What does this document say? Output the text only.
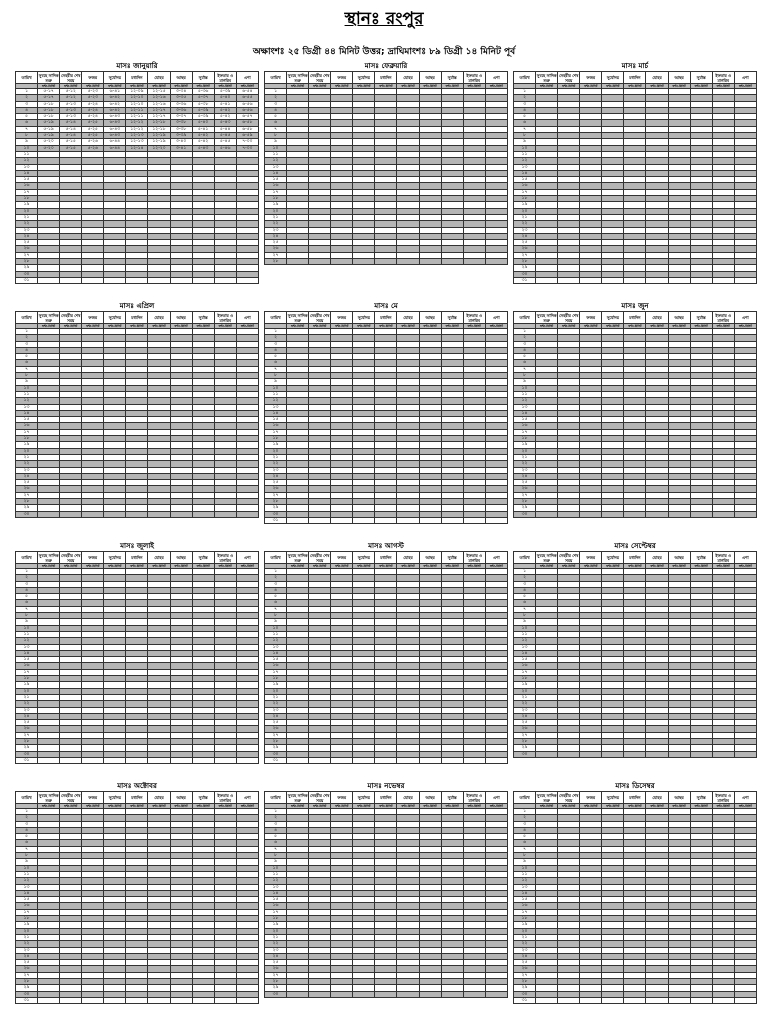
স্থানঃ রংপুর
অক্ষাংশঃ ২৫ ডিগ্রী ৪৪ মিনিট উত্তর; দ্রাঘিমাংশঃ ৮৯ ডিগ্রী ১৪ মিনিট পূর্ব
মাসঃ জানুয়ারি
তারিখ	সুবহে সাদিক শুরু	সেহরীর শেষ সময়	ফজর	সূর্যোদয়	মধ্যদিন	যোহর	আছর	সূর্যাস্ত	ইফতার ও মাগরিব	এশা
	ঘন্টা-মিনিট	ঘন্টা-মিনিট	ঘন্টা-মিনিট	ঘন্টা-মিনিট	ঘন্টা-মিনিট	ঘন্টা-মিনিট	ঘন্টা-মিনিট	ঘন্টা-মিনিট	ঘন্টা-মিনিট	ঘন্টা-মিনিট
১	৫-১৭	৫-১২	৫-২৩	৬-৪১	১২-০৯	১২-১৫	৩-৩৪	৫-৩৬	৫-৩৯	৬-৫৪
২	৫-১৭	৫-১২	৫-২৩	৬-৪২	১২-১০	১২-১৬	৩-৩৫	৫-৩৭	৫-৪০	৬-৫৫
৩	৫-১৮	৫-১৩	৫-২৪	৬-৪২	১২-১০	১২-১৬	৩-৩৬	৫-৩৮	৫-৪১	৬-৫৬
৪	৫-১৮	৫-১৩	৫-২৪	৬-৪২	১২-১১	১২-১৭	৩-৩৬	৫-৩৯	৫-৪২	৬-৫৬
৫	৫-১৮	৫-১৩	৫-২৪	৬-৪৩	১২-১১	১২-১৭	৩-৩৭	৫-৩৯	৫-৪২	৬-৫৭
৬	৫-১৯	৫-১৪	৫-২৫	৬-৪৩	১২-১২	১২-১৮	৩-৩৮	৫-৪০	৫-৪৩	৬-৫৮
৭	৫-১৯	৫-১৪	৫-২৫	৬-৪৩	১২-১২	১২-১৮	৩-৩৮	৫-৪১	৫-৪৪	৬-৫৮
৮	৫-১৯	৫-১৪	৫-২৫	৬-৪৩	১২-১৩	১২-১৯	৩-৩৯	৫-৪২	৫-৪৫	৬-৫৯
৯	৫-২০	৫-১৫	৫-২৬	৬-৪৪	১২-১৩	১২-১৯	৩-৪০	৫-৪২	৫-৪৫	৭-০০
১০	৫-২০	৫-১৫	৫-২৬	৬-৪৪	১২-১৪	১২-২০	৩-৪১	৫-৪৩	৫-৪৬	৭-০০
১১										
১২										
১৩										
১৪										
১৫										
১৬										
১৭										
১৮										
১৯										
২০										
২১										
২২										
২৩										
২৪										
২৫										
২৬										
২৭										
২৮										
২৯										
৩০										
৩১										
মাসঃ ফেব্রুয়ারি
তারিখ	সুবহে সাদিক শুরু	সেহরীর শেষ সময়	ফজর	সূর্যোদয়	মধ্যদিন	যোহর	আছর	সূর্যাস্ত	ইফতার ও মাগরিব	এশা
	ঘন্টা-মিনিট	ঘন্টা-মিনিট	ঘন্টা-মিনিট	ঘন্টা-মিনিট	ঘন্টা-মিনিট	ঘন্টা-মিনিট	ঘন্টা-মিনিট	ঘন্টা-মিনিট	ঘন্টা-মিনিট	ঘন্টা-মিনিট
১										
২										
৩										
৪										
৫										
৬										
৭										
৮										
৯										
১০										
১১										
১২										
১৩										
১৪										
১৫										
১৬										
১৭										
১৮										
১৯										
২০										
২১										
২২										
২৩										
২৪										
২৫										
২৬										
২৭										
২৮										
মাসঃ মার্চ
তারিখ	সুবহে সাদিক শুরু	সেহরীর শেষ সময়	ফজর	সূর্যোদয়	মধ্যদিন	যোহর	আছর	সূর্যাস্ত	ইফতার ও মাগরিব	এশা
	ঘন্টা-মিনিট	ঘন্টা-মিনিট	ঘন্টা-মিনিট	ঘন্টা-মিনিট	ঘন্টা-মিনিট	ঘন্টা-মিনিট	ঘন্টা-মিনিট	ঘন্টা-মিনিট	ঘন্টা-মিনিট	ঘন্টা-মিনিট
১										
২										
৩										
৪										
৫										
৬										
৭										
৮										
৯										
১০										
১১										
১২										
১৩										
১৪										
১৫										
১৬										
১৭										
১৮										
১৯										
২০										
২১										
২২										
২৩										
২৪										
২৫										
২৬										
২৭										
২৮										
২৯										
৩০										
৩১										
মাসঃ এপ্রিল
তারিখ	সুবহে সাদিক শুরু	সেহরীর শেষ সময়	ফজর	সূর্যোদয়	মধ্যদিন	যোহর	আছর	সূর্যাস্ত	ইফতার ও মাগরিব	এশা
	ঘন্টা-মিনিট	ঘন্টা-মিনিট	ঘন্টা-মিনিট	ঘন্টা-মিনিট	ঘন্টা-মিনিট	ঘন্টা-মিনিট	ঘন্টা-মিনিট	ঘন্টা-মিনিট	ঘন্টা-মিনিট	ঘন্টা-মিনিট
১										
২										
৩										
৪										
৫										
৬										
৭										
৮										
৯										
১০										
১১										
১২										
১৩										
১৪										
১৫										
১৬										
১৭										
১৮										
১৯										
২০										
২১										
২২										
২৩										
২৪										
২৫										
২৬										
২৭										
২৮										
২৯										
৩০										
মাসঃ মে
তারিখ	সুবহে সাদিক শুরু	সেহরীর শেষ সময়	ফজর	সূর্যোদয়	মধ্যদিন	যোহর	আছর	সূর্যাস্ত	ইফতার ও মাগরিব	এশা
	ঘন্টা-মিনিট	ঘন্টা-মিনিট	ঘন্টা-মিনিট	ঘন্টা-মিনিট	ঘন্টা-মিনিট	ঘন্টা-মিনিট	ঘন্টা-মিনিট	ঘন্টা-মিনিট	ঘন্টা-মিনিট	ঘন্টা-মিনিট
১										
২										
৩										
৪										
৫										
৬										
৭										
৮										
৯										
১০										
১১										
১২										
১৩										
১৪										
১৫										
১৬										
১৭										
১৮										
১৯										
২০										
২১										
২২										
২৩										
২৪										
২৫										
২৬										
২৭										
২৮										
২৯										
৩০										
৩১										
মাসঃ জুন
তারিখ	সুবহে সাদিক শুরু	সেহরীর শেষ সময়	ফজর	সূর্যোদয়	মধ্যদিন	যোহর	আছর	সূর্যাস্ত	ইফতার ও মাগরিব	এশা
	ঘন্টা-মিনিট	ঘন্টা-মিনিট	ঘন্টা-মিনিট	ঘন্টা-মিনিট	ঘন্টা-মিনিট	ঘন্টা-মিনিট	ঘন্টা-মিনিট	ঘন্টা-মিনিট	ঘন্টা-মিনিট	ঘন্টা-মিনিট
১										
২										
৩										
৪										
৫										
৬										
৭										
৮										
৯										
১০										
১১										
১২										
১৩										
১৪										
১৫										
১৬										
১৭										
১৮										
১৯										
২০										
২১										
২২										
২৩										
২৪										
২৫										
২৬										
২৭										
২৮										
২৯										
৩০										
মাসঃ জুলাই
তারিখ	সুবহে সাদিক শুরু	সেহরীর শেষ সময়	ফজর	সূর্যোদয়	মধ্যদিন	যোহর	আছর	সূর্যাস্ত	ইফতার ও মাগরিব	এশা
	ঘন্টা-মিনিট	ঘন্টা-মিনিট	ঘন্টা-মিনিট	ঘন্টা-মিনিট	ঘন্টা-মিনিট	ঘন্টা-মিনিট	ঘন্টা-মিনিট	ঘন্টা-মিনিট	ঘন্টা-মিনিট	ঘন্টা-মিনিট
১										
২										
৩										
৪										
৫										
৬										
৭										
৮										
৯										
১০										
১১										
১২										
১৩										
১৪										
১৫										
১৬										
১৭										
১৮										
১৯										
২০										
২১										
২২										
২৩										
২৪										
২৫										
২৬										
২৭										
২৮										
২৯										
৩০										
৩১										
মাসঃ আগস্ট
তারিখ	সুবহে সাদিক শুরু	সেহরীর শেষ সময়	ফজর	সূর্যোদয়	মধ্যদিন	যোহর	আছর	সূর্যাস্ত	ইফতার ও মাগরিব	এশা
	ঘন্টা-মিনিট	ঘন্টা-মিনিট	ঘন্টা-মিনিট	ঘন্টা-মিনিট	ঘন্টা-মিনিট	ঘন্টা-মিনিট	ঘন্টা-মিনিট	ঘন্টা-মিনিট	ঘন্টা-মিনিট	ঘন্টা-মিনিট
১										
২										
৩										
৪										
৫										
৬										
৭										
৮										
৯										
১০										
১১										
১২										
১৩										
১৪										
১৫										
১৬										
১৭										
১৮										
১৯										
২০										
২১										
২২										
২৩										
২৪										
২৫										
২৬										
২৭										
২৮										
২৯										
৩০										
৩১										
মাসঃ সেপ্টেম্বর
তারিখ	সুবহে সাদিক শুরু	সেহরীর শেষ সময়	ফজর	সূর্যোদয়	মধ্যদিন	যোহর	আছর	সূর্যাস্ত	ইফতার ও মাগরিব	এশা
	ঘন্টা-মিনিট	ঘন্টা-মিনিট	ঘন্টা-মিনিট	ঘন্টা-মিনিট	ঘন্টা-মিনিট	ঘন্টা-মিনিট	ঘন্টা-মিনিট	ঘন্টা-মিনিট	ঘন্টা-মিনিট	ঘন্টা-মিনিট
১										
২										
৩										
৪										
৫										
৬										
৭										
৮										
৯										
১০										
১১										
১২										
১৩										
১৪										
১৫										
১৬										
১৭										
১৮										
১৯										
২০										
২১										
২২										
২৩										
২৪										
২৫										
২৬										
২৭										
২৮										
২৯										
৩০										
মাসঃ অক্টোবর
তারিখ	সুবহে সাদিক শুরু	সেহরীর শেষ সময়	ফজর	সূর্যোদয়	মধ্যদিন	যোহর	আছর	সূর্যাস্ত	ইফতার ও মাগরিব	এশা
	ঘন্টা-মিনিট	ঘন্টা-মিনিট	ঘন্টা-মিনিট	ঘন্টা-মিনিট	ঘন্টা-মিনিট	ঘন্টা-মিনিট	ঘন্টা-মিনিট	ঘন্টা-মিনিট	ঘন্টা-মিনিট	ঘন্টা-মিনিট
১										
২										
৩										
৪										
৫										
৬										
৭										
৮										
৯										
১০										
১১										
১২										
১৩										
১৪										
১৫										
১৬										
১৭										
১৮										
১৯										
২০										
২১										
২২										
২৩										
২৪										
২৫										
২৬										
২৭										
২৮										
২৯										
৩০										
৩১										
মাসঃ নভেম্বর
তারিখ	সুবহে সাদিক শুরু	সেহরীর শেষ সময়	ফজর	সূর্যোদয়	মধ্যদিন	যোহর	আছর	সূর্যাস্ত	ইফতার ও মাগরিব	এশা
	ঘন্টা-মিনিট	ঘন্টা-মিনিট	ঘন্টা-মিনিট	ঘন্টা-মিনিট	ঘন্টা-মিনিট	ঘন্টা-মিনিট	ঘন্টা-মিনিট	ঘন্টা-মিনিট	ঘন্টা-মিনিট	ঘন্টা-মিনিট
১										
২										
৩										
৪										
৫										
৬										
৭										
৮										
৯										
১০										
১১										
১২										
১৩										
১৪										
১৫										
১৬										
১৭										
১৮										
১৯										
২০										
২১										
২২										
২৩										
২৪										
২৫										
২৬										
২৭										
২৮										
২৯										
৩০										
মাসঃ ডিসেম্বর
তারিখ	সুবহে সাদিক শুরু	সেহরীর শেষ সময়	ফজর	সূর্যোদয়	মধ্যদিন	যোহর	আছর	সূর্যাস্ত	ইফতার ও মাগরিব	এশা
	ঘন্টা-মিনিট	ঘন্টা-মিনিট	ঘন্টা-মিনিট	ঘন্টা-মিনিট	ঘন্টা-মিনিট	ঘন্টা-মিনিট	ঘন্টা-মিনিট	ঘন্টা-মিনিট	ঘন্টা-মিনিট	ঘন্টা-মিনিট
১										
২										
৩										
৪										
৫										
৬										
৭										
৮										
৯										
১০										
১১										
১২										
১৩										
১৪										
১৫										
১৬										
১৭										
১৮										
১৯										
২০										
২১										
২২										
২৩										
২৪										
২৫										
২৬										
২৭										
২৮										
২৯										
৩০										
৩১										
